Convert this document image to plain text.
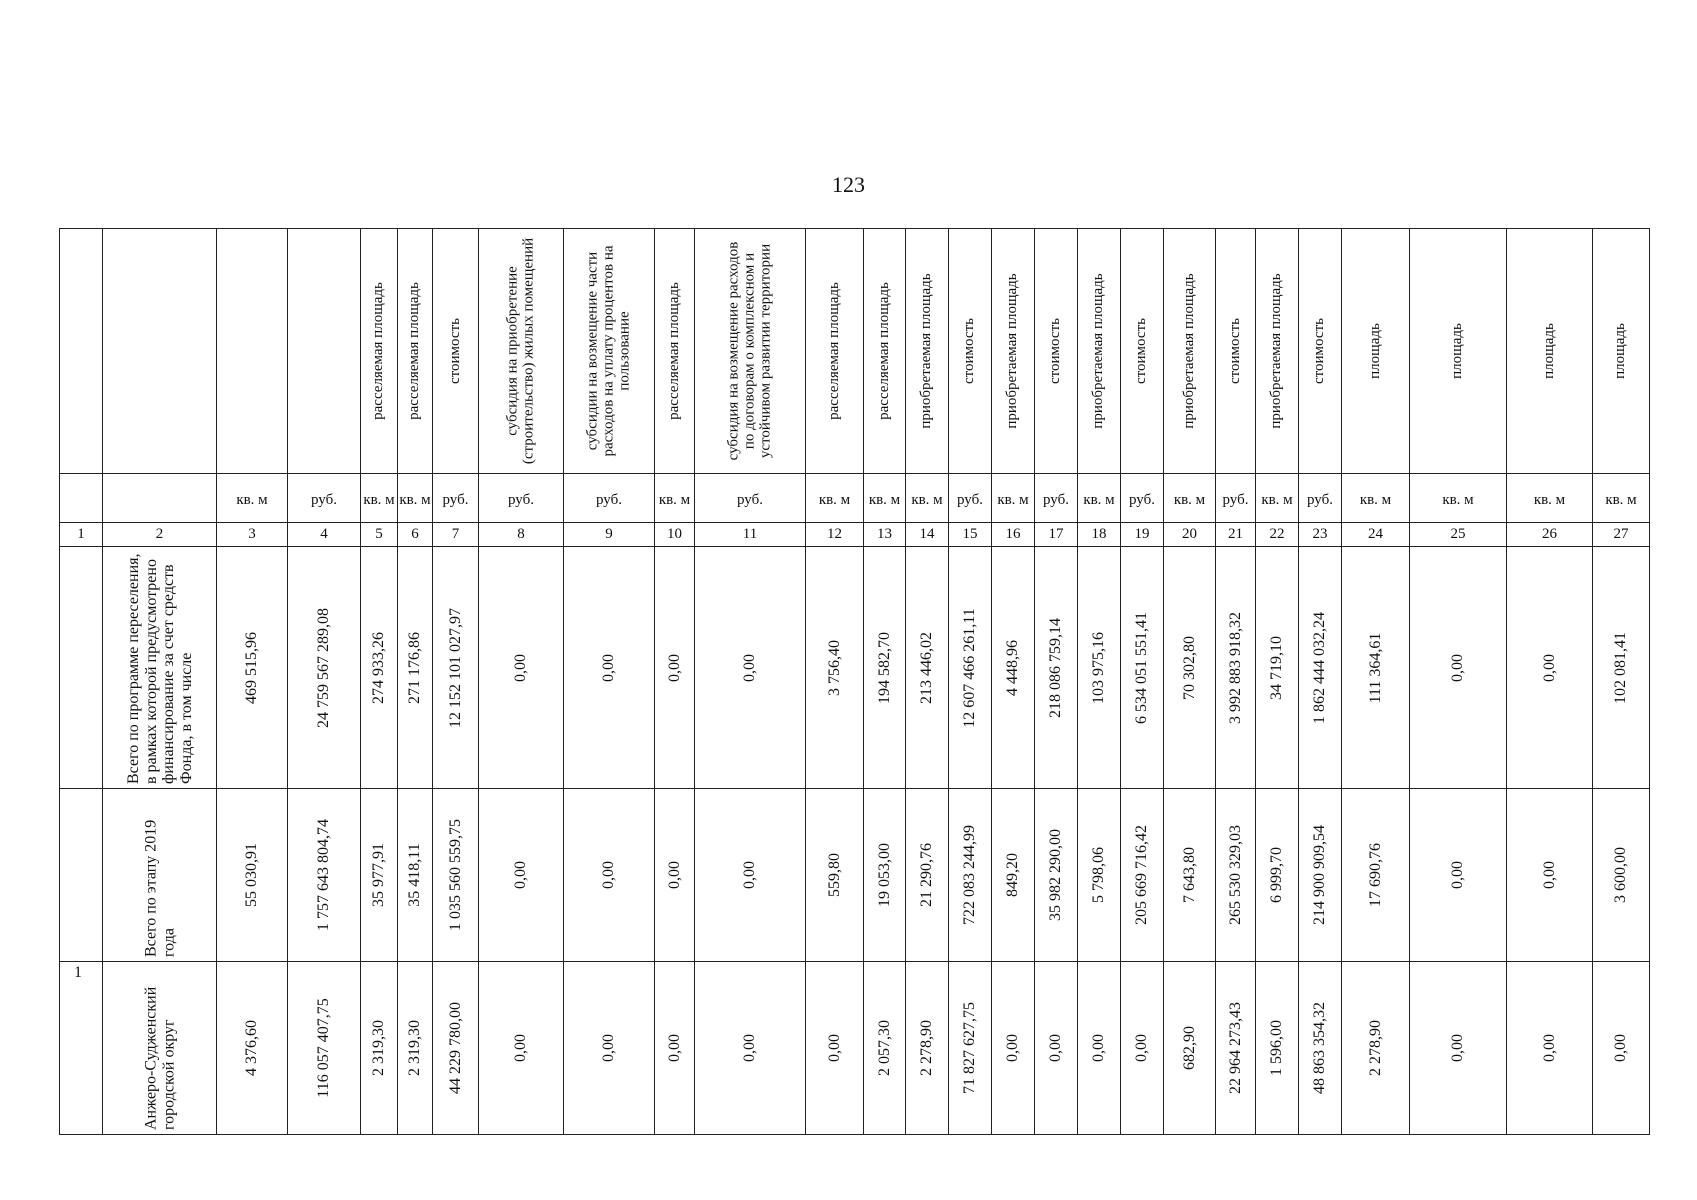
123

				расселяемая площадь	расселяемая площадь	стоимость	субсидия на приобретение (строительство) жилых помещений	субсидии на возмещение части расходов на уплату процентов на пользование	расселяемая площадь	субсидия на возмещение расходов по договорам о комплексном и устойчивом развитии территории	расселяемая площадь	расселяемая площадь	приобретаемая площадь	стоимость	приобретаемая площадь	стоимость	приобретаемая площадь	стоимость	приобретаемая площадь	стоимость	приобретаемая площадь	стоимость	площадь	площадь	площадь	площадь

		кв. м	руб.	кв. м	кв. м	руб.	руб.	руб.	кв. м	руб.	кв. м	кв. м	кв. м	руб.	кв. м	руб.	кв. м	руб.	кв. м	руб.	кв. м	руб.	кв. м	кв. м	кв. м	кв. м

1	2	3	4	5	6	7	8	9	10	11	12	13	14	15	16	17	18	19	20	21	22	23	24	25	26	27

	Всего по программе переселения, в рамках которой предусмотрено финансирование за счет средств Фонда, в том числе	469 515,96	24 759 567 289,08	274 933,26	271 176,86	12 152 101 027,97	0,00	0,00	0,00	0,00	3 756,40	194 582,70	213 446,02	12 607 466 261,11	4 448,96	218 086 759,14	103 975,16	6 534 051 551,41	70 302,80	3 992 883 918,32	34 719,10	1 862 444 032,24	111 364,61	0,00	0,00	102 081,41

	Всего по этапу 2019 года	55 030,91	1 757 643 804,74	35 977,91	35 418,11	1 035 560 559,75	0,00	0,00	0,00	0,00	559,80	19 053,00	21 290,76	722 083 244,99	849,20	35 982 290,00	5 798,06	205 669 716,42	7 643,80	265 530 329,03	6 999,70	214 900 909,54	17 690,76	0,00	0,00	3 600,00

1	Анжеро-Судженский городской округ	4 376,60	116 057 407,75	2 319,30	2 319,30	44 229 780,00	0,00	0,00	0,00	0,00	0,00	2 057,30	2 278,90	71 827 627,75	0,00	0,00	0,00	0,00	682,90	22 964 273,43	1 596,00	48 863 354,32	2 278,90	0,00	0,00	0,00
